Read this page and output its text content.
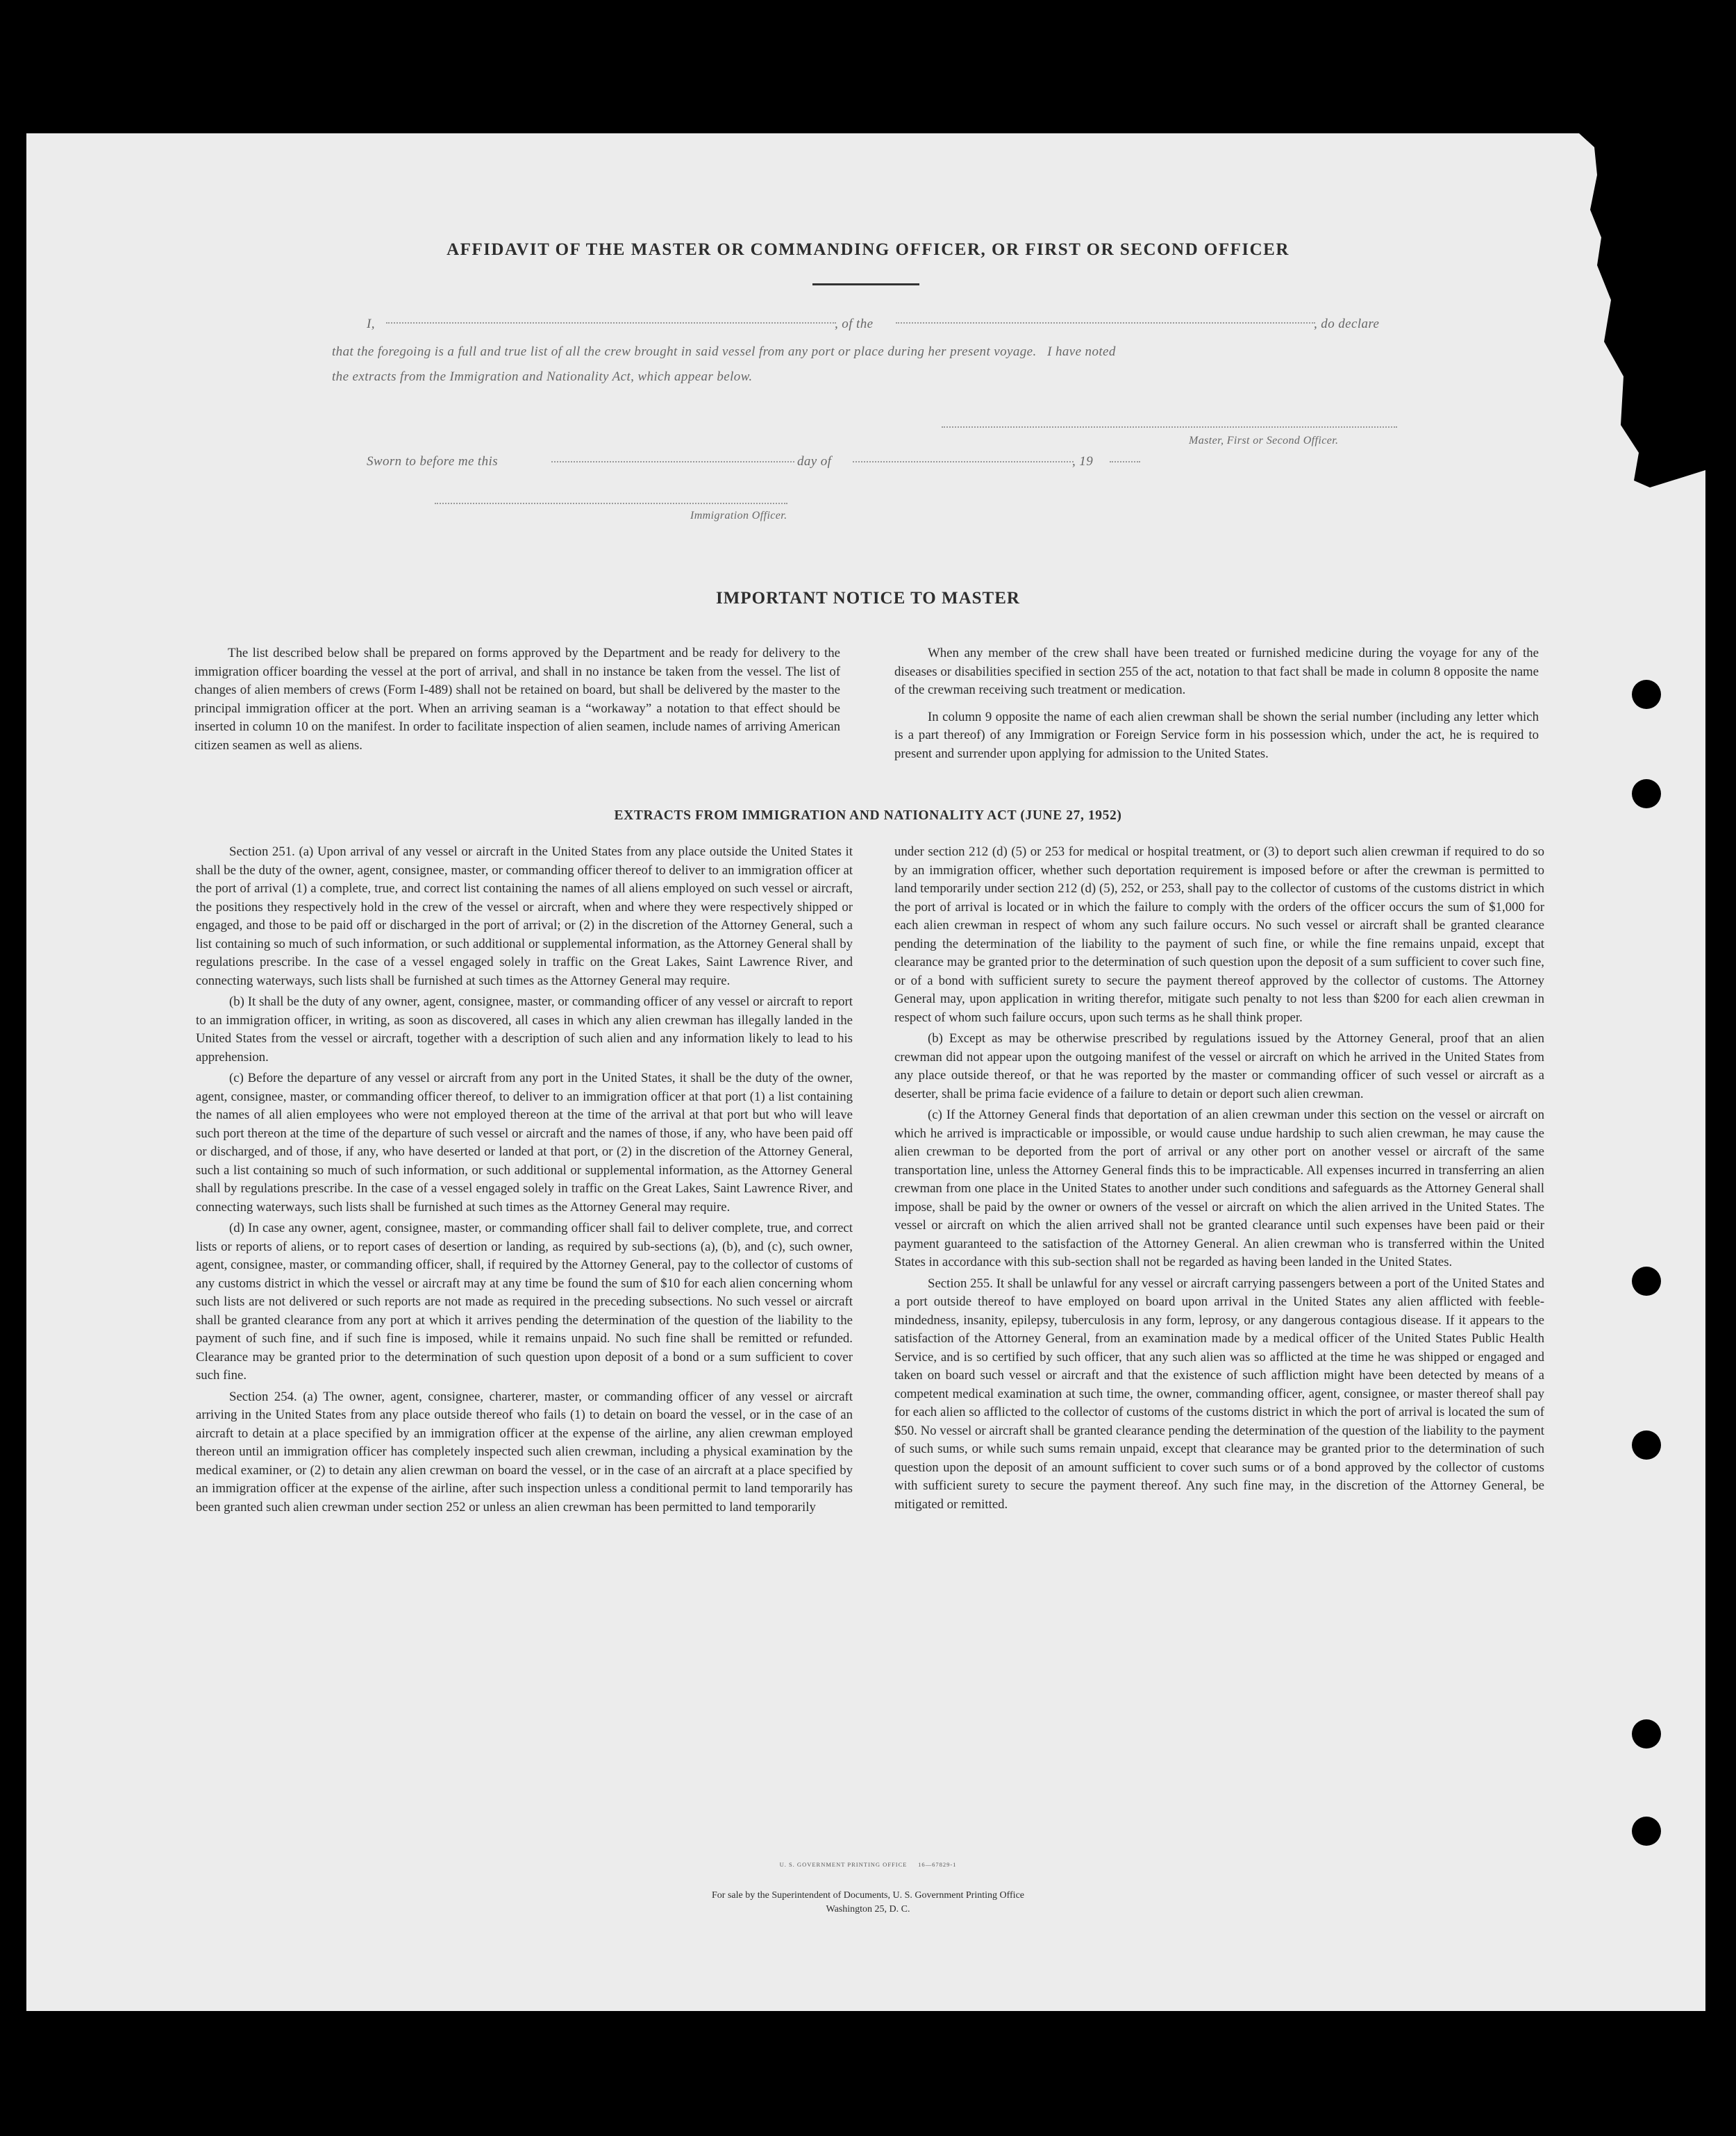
AFFIDAVIT OF THE MASTER OR COMMANDING OFFICER, OR FIRST OR SECOND OFFICER
I,	, of the	, do declare
that the foregoing is a full and true list of all the crew brought in said vessel from any port or place during her present voyage.   I have noted
the extracts from the Immigration and Nationality Act, which appear below.
Master, First or Second Officer.
Sworn to before me this	day of	, 19
Immigration Officer.
IMPORTANT NOTICE TO MASTER

The list described below shall be prepared on forms approved by the Department and be ready for delivery to the immigration officer boarding the vessel at the port of arrival, and shall in no instance be taken from the vessel. The list of changes of alien members of crews (Form I-489) shall not be retained on board, but shall be delivered by the master to the principal immigration officer at the port. When an arriving seaman is a “workaway” a notation to that effect should be inserted in column 10 on the manifest. In order to facilitate inspection of alien seamen, include names of arriving American citizen seamen as well as aliens.

When any member of the crew shall have been treated or furnished medicine during the voyage for any of the diseases or disabilities specified in section 255 of the act, notation to that fact shall be made in column 8 opposite the name of the crewman receiving such treatment or medication.

In column 9 opposite the name of each alien crewman shall be shown the serial number (including any letter which is a part thereof) of any Immigration or Foreign Service form in his possession which, under the act, he is required to present and surrender upon applying for admission to the United States.

EXTRACTS FROM IMMIGRATION AND NATIONALITY ACT (JUNE 27, 1952)

Section 251. (a) Upon arrival of any vessel or aircraft in the United States from any place outside the United States it shall be the duty of the owner, agent, consignee, master, or commanding officer thereof to deliver to an immigration officer at the port of arrival (1) a complete, true, and correct list containing the names of all aliens employed on such vessel or aircraft, the positions they respectively hold in the crew of the vessel or aircraft, when and where they were respectively shipped or engaged, and those to be paid off or discharged in the port of arrival; or (2) in the discretion of the Attorney General, such a list containing so much of such information, or such additional or supplemental information, as the Attorney General shall by regulations prescribe. In the case of a vessel engaged solely in traffic on the Great Lakes, Saint Lawrence River, and connecting waterways, such lists shall be furnished at such times as the Attorney General may require.

(b) It shall be the duty of any owner, agent, consignee, master, or commanding officer of any vessel or aircraft to report to an immigration officer, in writing, as soon as discovered, all cases in which any alien crewman has illegally landed in the United States from the vessel or aircraft, together with a description of such alien and any information likely to lead to his apprehension.

(c) Before the departure of any vessel or aircraft from any port in the United States, it shall be the duty of the owner, agent, consignee, master, or commanding officer thereof, to deliver to an immigration officer at that port (1) a list containing the names of all alien employees who were not employed thereon at the time of the arrival at that port but who will leave such port thereon at the time of the departure of such vessel or aircraft and the names of those, if any, who have been paid off or discharged, and of those, if any, who have deserted or landed at that port, or (2) in the discretion of the Attorney General, such a list containing so much of such information, or such additional or supplemental information, as the Attorney General shall by regulations prescribe. In the case of a vessel engaged solely in traffic on the Great Lakes, Saint Lawrence River, and connecting waterways, such lists shall be furnished at such times as the Attorney General may require.

(d) In case any owner, agent, consignee, master, or commanding officer shall fail to deliver complete, true, and correct lists or reports of aliens, or to report cases of desertion or landing, as required by sub-sections (a), (b), and (c), such owner, agent, consignee, master, or commanding officer, shall, if required by the Attorney General, pay to the collector of customs of any customs district in which the vessel or aircraft may at any time be found the sum of $10 for each alien concerning whom such lists are not delivered or such reports are not made as required in the preceding subsections. No such vessel or aircraft shall be granted clearance from any port at which it arrives pending the determination of the question of the liability to the payment of such fine, and if such fine is imposed, while it remains unpaid. No such fine shall be remitted or refunded. Clearance may be granted prior to the determination of such question upon deposit of a bond or a sum sufficient to cover such fine.

Section 254. (a) The owner, agent, consignee, charterer, master, or commanding officer of any vessel or aircraft arriving in the United States from any place outside thereof who fails (1) to detain on board the vessel, or in the case of an aircraft to detain at a place specified by an immigration officer at the expense of the airline, any alien crewman employed thereon until an immigration officer has completely inspected such alien crewman, including a physical examination by the medical examiner, or (2) to detain any alien crewman on board the vessel, or in the case of an aircraft at a place specified by an immigration officer at the expense of the airline, after such inspection unless a conditional permit to land temporarily has been granted such alien crewman under section 252 or unless an alien crewman has been permitted to land temporarily

under section 212 (d) (5) or 253 for medical or hospital treatment, or (3) to deport such alien crewman if required to do so by an immigration officer, whether such deportation requirement is imposed before or after the crewman is permitted to land temporarily under section 212 (d) (5), 252, or 253, shall pay to the collector of customs of the customs district in which the port of arrival is located or in which the failure to comply with the orders of the officer occurs the sum of $1,000 for each alien crewman in respect of whom any such failure occurs. No such vessel or aircraft shall be granted clearance pending the determination of the liability to the payment of such fine, or while the fine remains unpaid, except that clearance may be granted prior to the determination of such question upon the deposit of a sum sufficient to cover such fine, or of a bond with sufficient surety to secure the payment thereof approved by the collector of customs. The Attorney General may, upon application in writing therefor, mitigate such penalty to not less than $200 for each alien crewman in respect of whom such failure occurs, upon such terms as he shall think proper.

(b) Except as may be otherwise prescribed by regulations issued by the Attorney General, proof that an alien crewman did not appear upon the outgoing manifest of the vessel or aircraft on which he arrived in the United States from any place outside thereof, or that he was reported by the master or commanding officer of such vessel or aircraft as a deserter, shall be prima facie evidence of a failure to detain or deport such alien crewman.

(c) If the Attorney General finds that deportation of an alien crewman under this section on the vessel or aircraft on which he arrived is impracticable or impossible, or would cause undue hardship to such alien crewman, he may cause the alien crewman to be deported from the port of arrival or any other port on another vessel or aircraft of the same transportation line, unless the Attorney General finds this to be impracticable. All expenses incurred in transferring an alien crewman from one place in the United States to another under such conditions and safeguards as the Attorney General shall impose, shall be paid by the owner or owners of the vessel or aircraft on which the alien arrived in the United States. The vessel or aircraft on which the alien arrived shall not be granted clearance until such expenses have been paid or their payment guaranteed to the satisfaction of the Attorney General. An alien crewman who is transferred within the United States in accordance with this sub-section shall not be regarded as having been landed in the United States.

Section 255. It shall be unlawful for any vessel or aircraft carrying passengers between a port of the United States and a port outside thereof to have employed on board upon arrival in the United States any alien afflicted with feeble-mindedness, insanity, epilepsy, tuberculosis in any form, leprosy, or any dangerous contagious disease. If it appears to the satisfaction of the Attorney General, from an examination made by a medical officer of the United States Public Health Service, and is so certified by such officer, that any such alien was so afflicted at the time he was shipped or engaged and taken on board such vessel or aircraft and that the existence of such affliction might have been detected by means of a competent medical examination at such time, the owner, commanding officer, agent, consignee, or master thereof shall pay for each alien so afflicted to the collector of customs of the customs district in which the port of arrival is located the sum of $50. No vessel or aircraft shall be granted clearance pending the determination of the question of the liability to the payment of such sums, or while such sums remain unpaid, except that clearance may be granted prior to the determination of such question upon the deposit of an amount sufficient to cover such sums or of a bond approved by the collector of customs with sufficient surety to secure the payment thereof. Any such fine may, in the discretion of the Attorney General, be mitigated or remitted.

U. S. GOVERNMENT PRINTING OFFICE     16—67829-1
For sale by the Superintendent of Documents, U. S. Government Printing Office
Washington 25, D. C.
